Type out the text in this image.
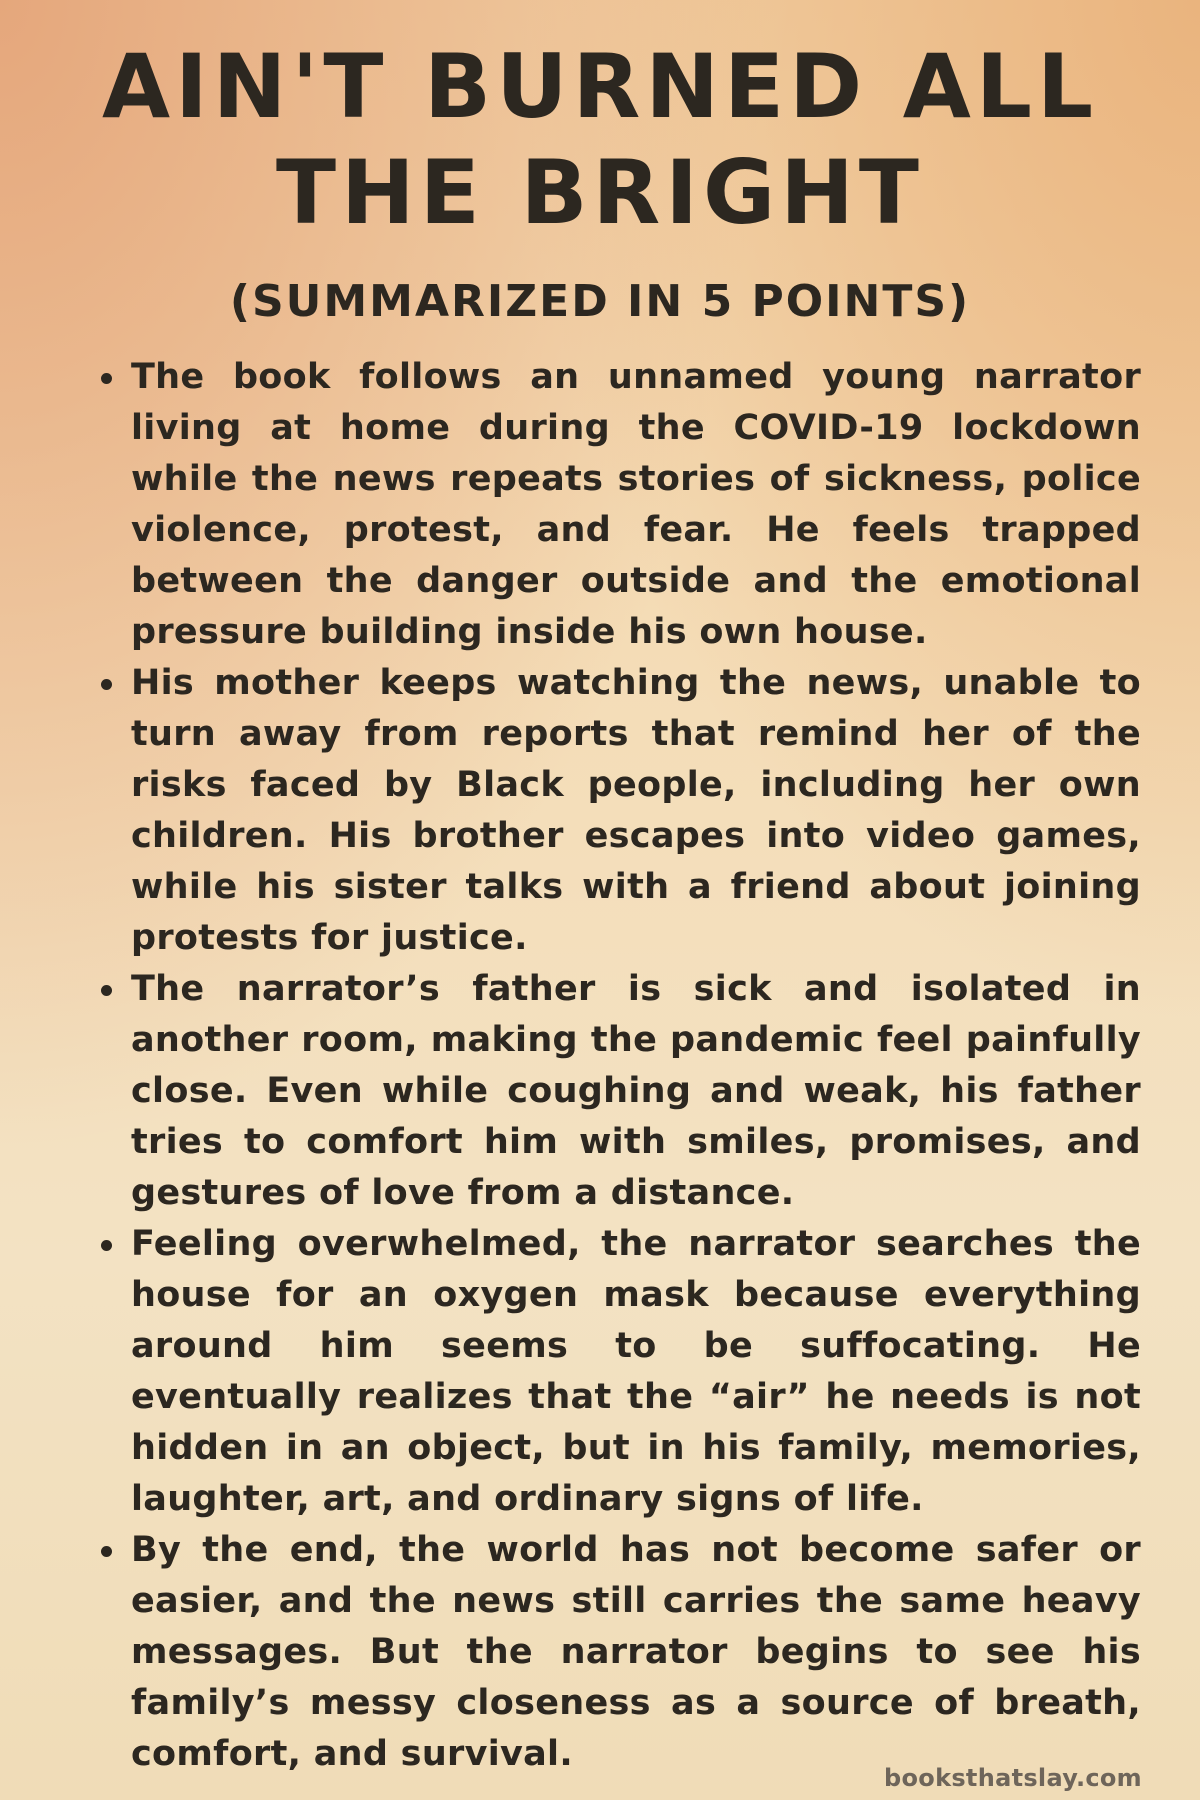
AIN'T BURNED ALL THE BRIGHT
(SUMMARIZED IN 5 POINTS)
The book follows an unnamed young narrator living at home during the COVID-19 lockdown while the news repeats stories of sickness, police violence, protest, and fear. He feels trapped between the danger outside and the emotional pressure building inside his own house.
His mother keeps watching the news, unable to turn away from reports that remind her of the risks faced by Black people, including her own children. His brother escapes into video games, while his sister talks with a friend about joining protests for justice.
The narrator’s father is sick and isolated in another room, making the pandemic feel painfully close. Even while coughing and weak, his father tries to comfort him with smiles, promises, and gestures of love from a distance.
Feeling overwhelmed, the narrator searches the house for an oxygen mask because everything around him seems to be suffocating. He eventually realizes that the “air” he needs is not hidden in an object, but in his family, memories, laughter, art, and ordinary signs of life.
By the end, the world has not become safer or easier, and the news still carries the same heavy messages. But the narrator begins to see his family’s messy closeness as a source of breath, comfort, and survival.
booksthatslay.com
